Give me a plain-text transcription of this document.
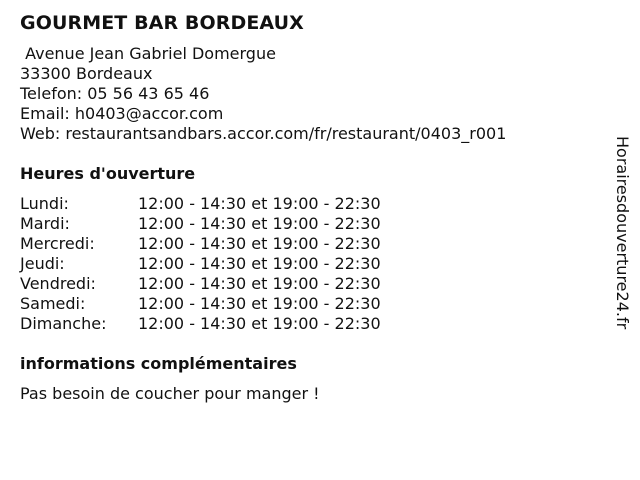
GOURMET BAR BORDEAUX
Avenue Jean Gabriel Domergue
33300 Bordeaux
Telefon: 05 56 43 65 46
Email: h0403@accor.com
Web: restaurantsandbars.accor.com/fr/restaurant/0403_r001
Heures d'ouverture
Lundi:	12:00 - 14:30 et 19:00 - 22:30
Mardi:	12:00 - 14:30 et 19:00 - 22:30
Mercredi:	12:00 - 14:30 et 19:00 - 22:30
Jeudi:	12:00 - 14:30 et 19:00 - 22:30
Vendredi:	12:00 - 14:30 et 19:00 - 22:30
Samedi:	12:00 - 14:30 et 19:00 - 22:30
Dimanche:	12:00 - 14:30 et 19:00 - 22:30
informations complémentaires
Pas besoin de coucher pour manger !
Horairesdouverture24.fr
